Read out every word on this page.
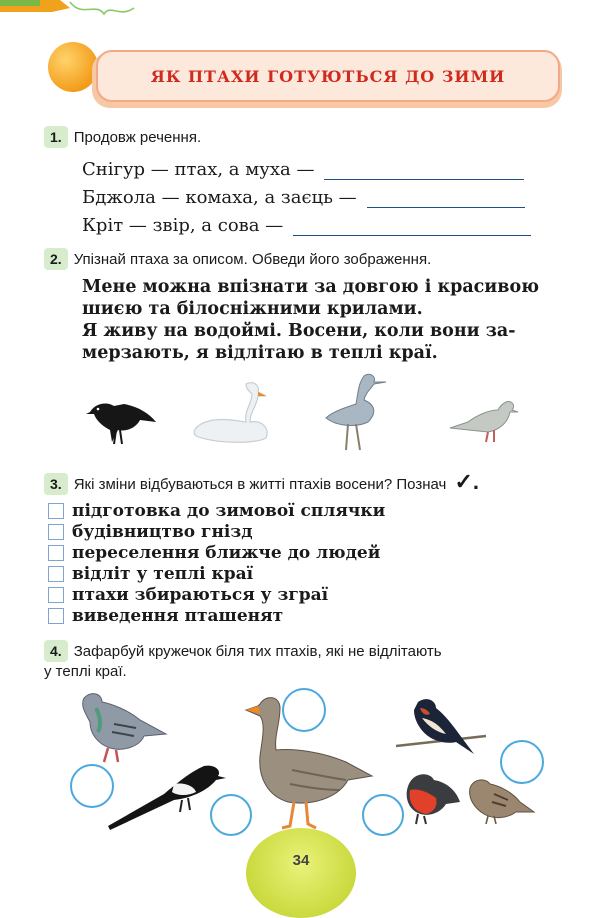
ЯК ПТАХИ ГОТУЮТЬСЯ ДО ЗИМИ
1. Продовж речення.
Снігур — птах, а муха —
Бджола — комаха, а заєць —
Кріт — звір, а сова —
2. Упізнай птаха за описом. Обведи його зображення.
Мене можна впізнати за довгою і красивою
шиєю та білосніжними крилами.
Я живу на водоймі. Восени, коли вони за-
мерзають, я відлітаю в теплі краї.
3. Які зміни відбуваються в житті птахів восени? Познач ✓.
підготовка до зимової сплячки
будівництво гнізд
переселення ближче до людей
відліт у теплі краї
птахи збираються у зграї
виведення пташенят
4. Зафарбуй кружечок біля тих птахів, які не відлітають
у теплі краї.
34
